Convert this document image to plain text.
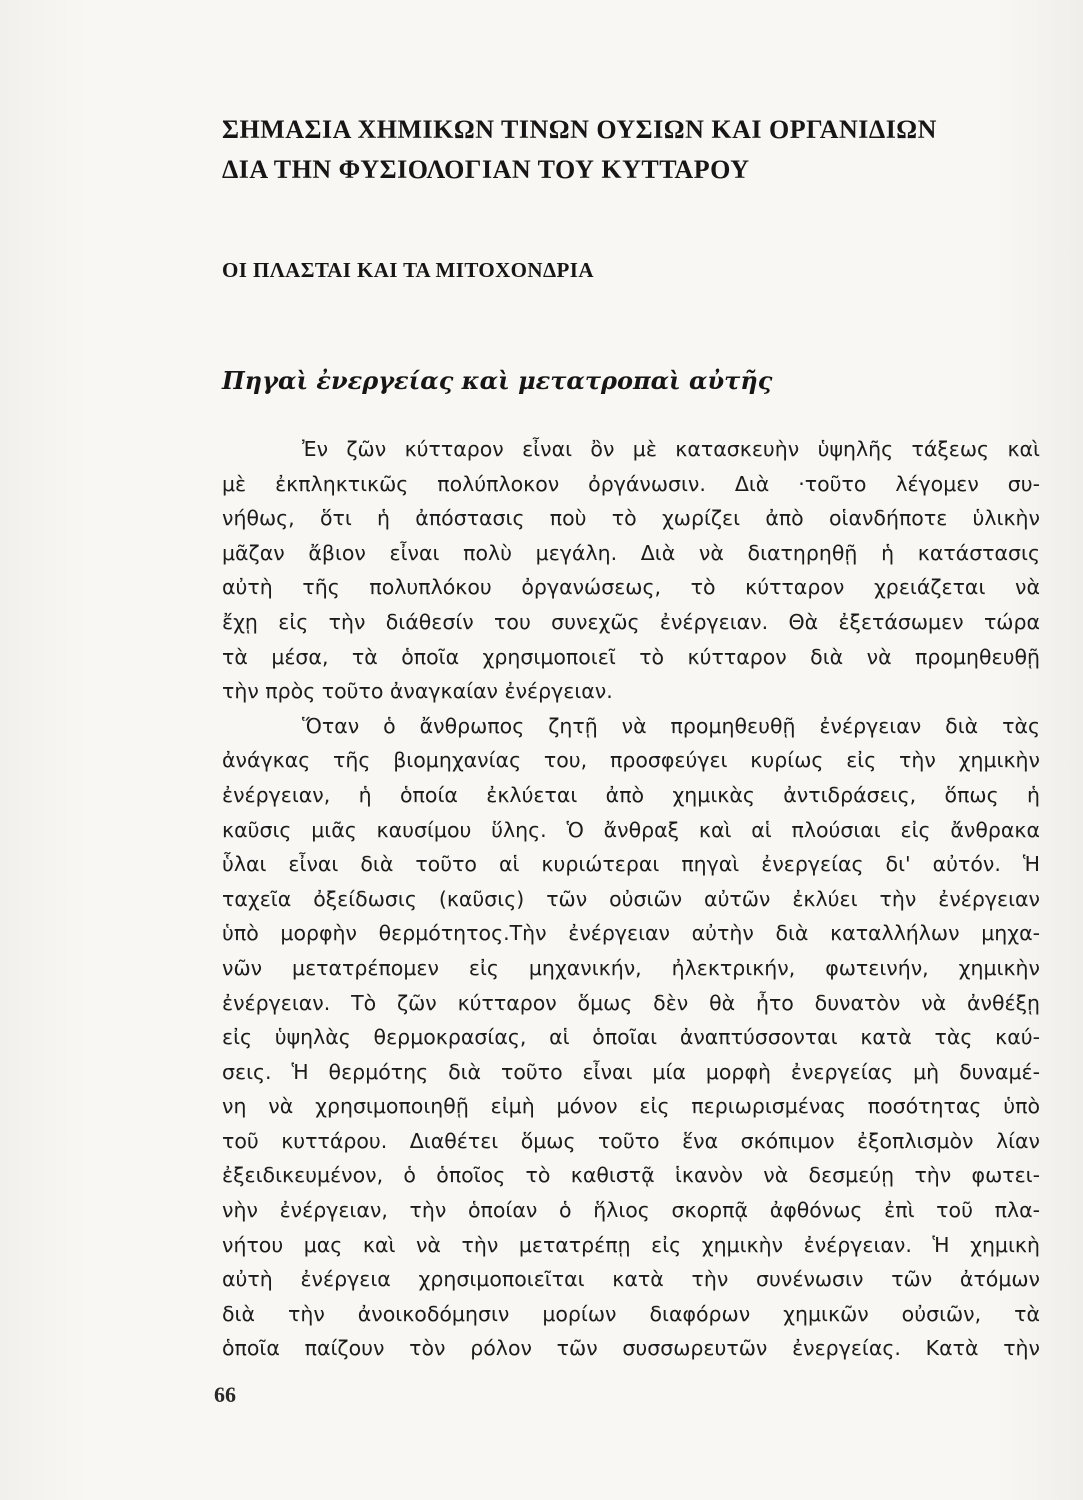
ΣΗΜΑΣΙΑ ΧΗΜΙΚΩΝ ΤΙΝΩΝ ΟΥΣΙΩΝ ΚΑΙ ΟΡΓΑΝΙΔΙΩΝ
ΔΙΑ ΤΗΝ ΦΥΣΙΟΛΟΓΙΑΝ ΤΟΥ ΚΥΤΤΑΡΟΥ
ΟΙ ΠΛΑΣΤΑΙ ΚΑΙ ΤΑ ΜΙΤΟΧΟΝΔΡΙΑ
Πηγαὶ ἐνεργείας καὶ μετατροπαὶ αὐτῆς
Ἐν ζῶν κύτταρον εἶναι ὂν μὲ κατασκευὴν ὑψηλῆς τάξεως καὶ
μὲ ἐκπληκτικῶς πολύπλοκον ὀργάνωσιν. Διὰ ·τοῦτο λέγομεν συ-
νήθως, ὅτι ἡ ἀπόστασις ποὺ τὸ χωρίζει ἀπὸ οἱανδήποτε ὑλικὴν
μᾶζαν ἄβιον εἶναι πολὺ μεγάλη. Διὰ νὰ διατηρηθῇ ἡ κατάστασις
αὐτὴ τῆς πολυπλόκου ὀργανώσεως, τὸ κύτταρον χρειάζεται νὰ
ἔχῃ εἰς τὴν διάθεσίν του συνεχῶς ἐνέργειαν. Θὰ ἐξετάσωμεν τώρα
τὰ μέσα, τὰ ὁποῖα χρησιμοποιεῖ τὸ κύτταρον διὰ νὰ προμηθευθῇ
τὴν πρὸς τοῦτο ἀναγκαίαν ἐνέργειαν.
Ὅταν ὁ ἄνθρωπος ζητῇ νὰ προμηθευθῇ ἐνέργειαν διὰ τὰς
ἀνάγκας τῆς βιομηχανίας του, προσφεύγει κυρίως εἰς τὴν χημικὴν
ἐνέργειαν, ἡ ὁποία ἐκλύεται ἀπὸ χημικὰς ἀντιδράσεις, ὅπως ἡ
καῦσις μιᾶς καυσίμου ὕλης. Ὁ ἄνθραξ καὶ αἱ πλούσιαι εἰς ἄνθρακα
ὗλαι εἶναι διὰ τοῦτο αἱ κυριώτεραι πηγαὶ ἐνεργείας δι' αὐτόν. Ἡ
ταχεῖα ὀξείδωσις (καῦσις) τῶν οὐσιῶν αὐτῶν ἐκλύει τὴν ἐνέργειαν
ὑπὸ μορφὴν θερμότητος.Τὴν ἐνέργειαν αὐτὴν διὰ καταλλήλων μηχα-
νῶν μετατρέπομεν εἰς μηχανικήν, ἠλεκτρικήν, φωτεινήν, χημικὴν
ἐνέργειαν. Τὸ ζῶν κύτταρον ὅμως δὲν θὰ ἦτο δυνατὸν νὰ ἀνθέξῃ
εἰς ὑψηλὰς θερμοκρασίας, αἱ ὁποῖαι ἀναπτύσσονται κατὰ τὰς καύ-
σεις. Ἡ θερμότης διὰ τοῦτο εἶναι μία μορφὴ ἐνεργείας μὴ δυναμέ-
νη νὰ χρησιμοποιηθῇ εἰμὴ μόνον εἰς περιωρισμένας ποσότητας ὑπὸ
τοῦ κυττάρου. Διαθέτει ὅμως τοῦτο ἕνα σκόπιμον ἐξοπλισμὸν λίαν
ἐξειδικευμένον, ὁ ὁποῖος τὸ καθιστᾷ ἱκανὸν νὰ δεσμεύῃ τὴν φωτει-
νὴν ἐνέργειαν, τὴν ὁποίαν ὁ ἥλιος σκορπᾷ ἀφθόνως ἐπὶ τοῦ πλα-
νήτου μας καὶ νὰ τὴν μετατρέπῃ εἰς χημικὴν ἐνέργειαν. Ἡ χημικὴ
αὐτὴ ἐνέργεια χρησιμοποιεῖται κατὰ τὴν συνένωσιν τῶν ἀτόμων
διὰ τὴν ἀνοικοδόμησιν μορίων διαφόρων χημικῶν οὐσιῶν, τὰ
ὁποῖα παίζουν τὸν ρόλον τῶν συσσωρευτῶν ἐνεργείας. Κατὰ τὴν
66
